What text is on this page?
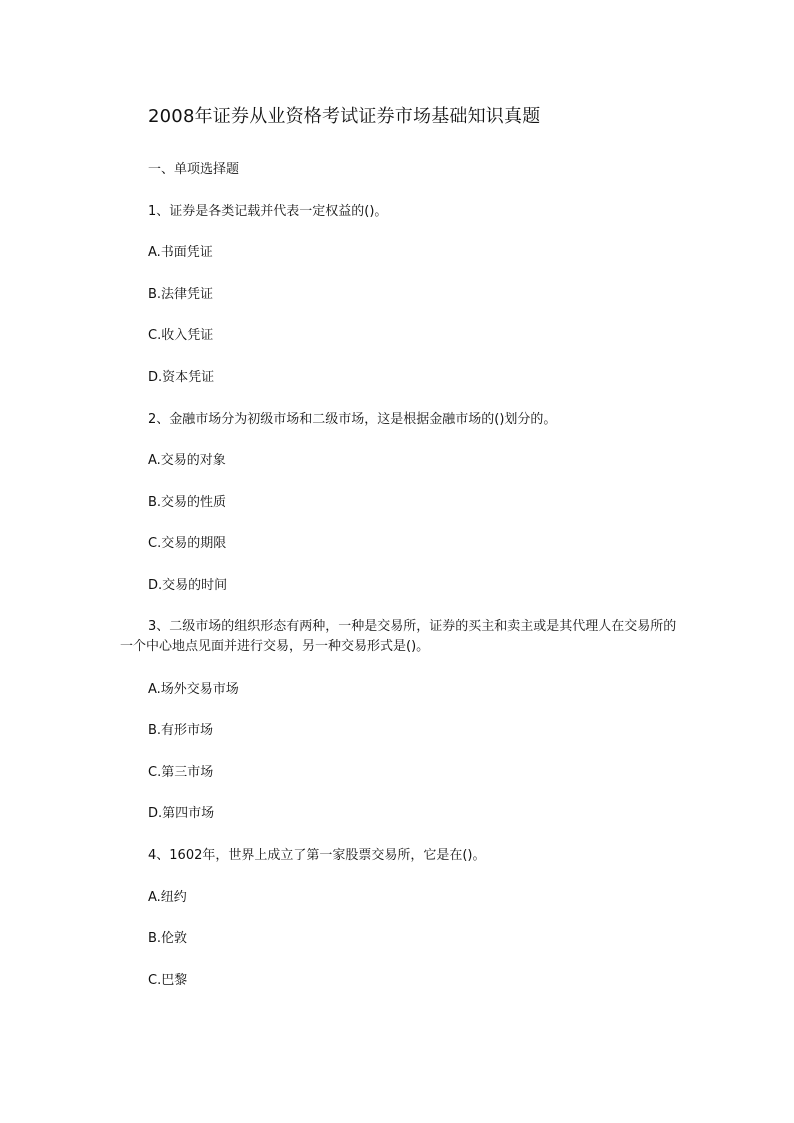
2008年证券从业资格考试证券市场基础知识真题
一、单项选择题
1、证券是各类记载并代表一定权益的()。
A.书面凭证
B.法律凭证
C.收入凭证
D.资本凭证
2、金融市场分为初级市场和二级市场，这是根据金融市场的()划分的。
A.交易的对象
B.交易的性质
C.交易的期限
D.交易的时间
3、二级市场的组织形态有两种，一种是交易所，证券的买主和卖主或是其代理人在交易所的一个中心地点见面并进行交易，另一种交易形式是()。
A.场外交易市场
B.有形市场
C.第三市场
D.第四市场
4、1602年，世界上成立了第一家股票交易所，它是在()。
A.纽约
B.伦敦
C.巴黎
